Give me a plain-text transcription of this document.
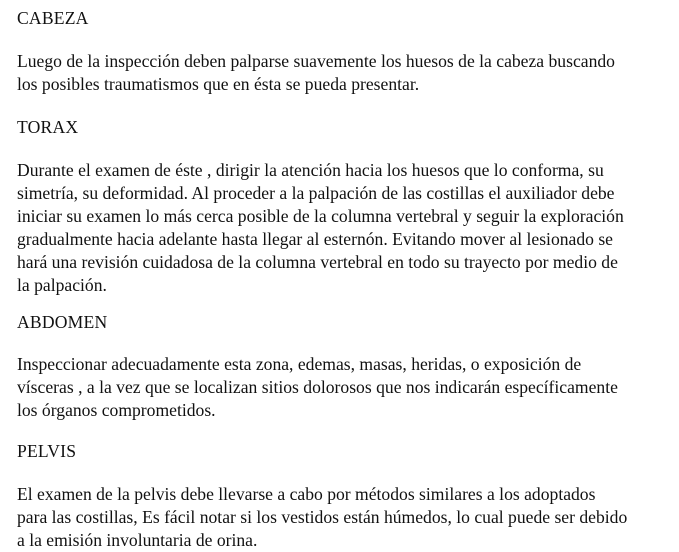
CABEZA

Luego de la inspección deben palparse suavemente los huesos de la cabeza buscando
los posibles traumatismos que en ésta se pueda presentar.

TORAX

Durante el examen de éste , dirigir la atención hacia los huesos que lo conforma, su
simetría, su deformidad. Al proceder a la palpación de las costillas el auxiliador debe
iniciar su examen lo más cerca posible de la columna vertebral y seguir la exploración
gradualmente hacia adelante hasta llegar al esternón. Evitando mover al lesionado se
hará una revisión cuidadosa de la columna vertebral en todo su trayecto por medio de
la palpación.

ABDOMEN

Inspeccionar adecuadamente esta zona, edemas, masas, heridas, o exposición de
vísceras , a la vez que se localizan sitios dolorosos que nos indicarán específicamente
los órganos comprometidos.

PELVIS

El examen de la pelvis debe llevarse a cabo por métodos similares a los adoptados
para las costillas, Es fácil notar si los vestidos están húmedos, lo cual puede ser debido
a la emisión involuntaria de orina.
